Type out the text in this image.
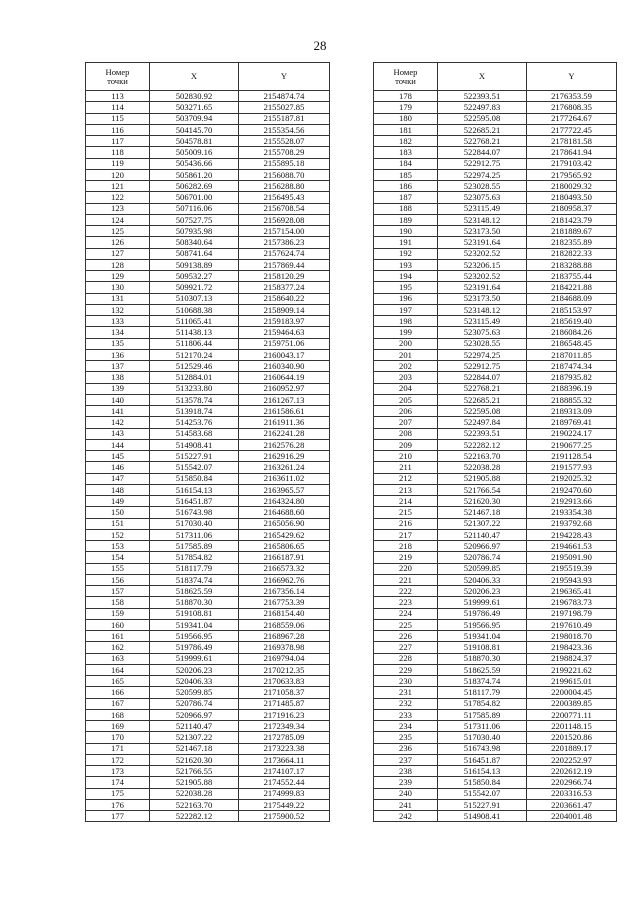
28
Номер
точки	X	Y
113	502830.92	2154874.74
114	503271.65	2155027.85
115	503709.94	2155187.81
116	504145.70	2155354.56
117	504578.81	2155528.07
118	505009.16	2155708.29
119	505436.66	2155895.18
120	505861.20	2156088.70
121	506282.69	2156288.80
122	506701.00	2156495.43
123	507116.06	2156708.54
124	507527.75	2156928.08
125	507935.98	2157154.00
126	508340.64	2157386.23
127	508741.64	2157624.74
128	509138.89	2157869.44
129	509532.27	2158120.29
130	509921.72	2158377.24
131	510307.13	2158640.22
132	510688.38	2158909.14
133	511065.41	2159183.97
134	511438.13	2159464.63
135	511806.44	2159751.06
136	512170.24	2160043.17
137	512529.46	2160340.90
138	512884.01	2160644.19
139	513233.80	2160952.97
140	513578.74	2161267.13
141	513918.74	2161586.61
142	514253.76	2161911.36
143	514583.68	2162241.28
144	514908.41	2162576.28
145	515227.91	2162916.29
146	515542.07	2163261.24
147	515850.84	2163611.02
148	516154.13	2163965.57
149	516451.87	2164324.80
150	516743.98	2164688.60
151	517030.40	2165056.90
152	517311.06	2165429.62
153	517585.89	2165806.65
154	517854.82	2166187.91
155	518117.79	2166573.32
156	518374.74	2166962.76
157	518625.59	2167356.14
158	518870.30	2167753.39
159	519108.81	2168154.40
160	519341.04	2168559.06
161	519566.95	2168967.28
162	519786.49	2169378.98
163	519999.61	2169794.04
164	520206.23	2170212.35
165	520406.33	2170633.83
166	520599.85	2171058.37
167	520786.74	2171485.87
168	520966.97	2171916.23
169	521140.47	2172349.34
170	521307.22	2172785.09
171	521467.18	2173223.38
172	521620.30	2173664.11
173	521766.55	2174107.17
174	521905.88	2174552.44
175	522038.28	2174999.83
176	522163.70	2175449.22
177	522282.12	2175900.52
Номер
точки	X	Y
178	522393.51	2176353.59
179	522497.83	2176808.35
180	522595.08	2177264.67
181	522685.21	2177722.45
182	522768.21	2178181.58
183	522844.07	2178641.94
184	522912.75	2179103.42
185	522974.25	2179565.92
186	523028.55	2180029.32
187	523075.63	2180493.50
188	523115.49	2180958.37
189	523148.12	2181423.79
190	523173.50	2181889.67
191	523191.64	2182355.89
192	523202.52	2182822.33
193	523206.15	2183288.88
194	523202.52	2183755.44
195	523191.64	2184221.88
196	523173.50	2184688.09
197	523148.12	2185153.97
198	523115.49	2185619.40
199	523075.63	2186084.26
200	523028.55	2186548.45
201	522974.25	2187011.85
202	522912.75	2187474.34
203	522844.07	2187935.82
204	522768.21	2188396.19
205	522685.21	2188855.32
206	522595.08	2189313.09
207	522497.84	2189769.41
208	522393.51	2190224.17
209	522282.12	2190677.25
210	522163.70	2191128.54
211	522038.28	2191577.93
212	521905.88	2192025.32
213	521766.54	2192470.60
214	521620.30	2192913.66
215	521467.18	2193354.38
216	521307.22	2193792.68
217	521140.47	2194228.43
218	520966.97	2194661.53
219	520786.74	2195091.90
220	520599.85	2195519.39
221	520406.33	2195943.93
222	520206.23	2196365.41
223	519999.61	2196783.73
224	519786.49	2197198.79
225	519566.95	2197610.49
226	519341.04	2198018.70
227	519108.81	2198423.36
228	518870.30	2198824.37
229	518625.59	2199221.62
230	518374.74	2199615.01
231	518117.79	2200004.45
232	517854.82	2200389.85
233	517585.89	2200771.11
234	517311.06	2201148.15
235	517030.40	2201520.86
236	516743.98	2201889.17
237	516451.87	2202252.97
238	516154.13	2202612.19
239	515850.84	2202966.74
240	515542.07	2203316.53
241	515227.91	2203661.47
242	514908.41	2204001.48
